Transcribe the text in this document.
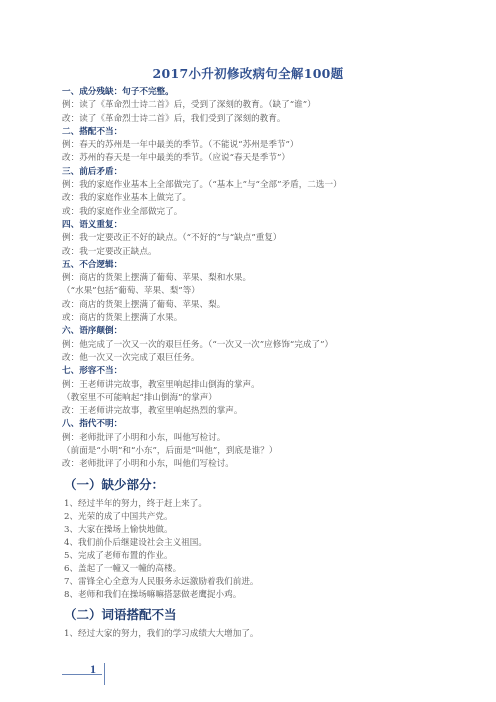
2017小升初修改病句全解100题
一、成分残缺：句子不完整。
例：读了《革命烈士诗二首》后，受到了深刻的教育。（缺了“谁”）
改：读了《革命烈士诗二首》后，我们受到了深刻的教育。
二、搭配不当：
例：春天的苏州是一年中最美的季节。（不能说“苏州是季节”）
改：苏州的春天是一年中最美的季节。（应说“春天是季节”）
三、前后矛盾：
例：我的家庭作业基本上全部做完了。（“基本上”与“全部”矛盾，二选一）
改：我的家庭作业基本上做完了。
或：我的家庭作业全部做完了。
四、语义重复：
例：我一定要改正不好的缺点。（“不好的”与“缺点”重复）
改：我一定要改正缺点。
五、不合逻辑：
例：商店的货架上摆满了葡萄、苹果、梨和水果。
（“水果”包括“葡萄、苹果、梨”等）
改：商店的货架上摆满了葡萄、苹果、梨。
或：商店的货架上摆满了水果。
六、语序颠倒：
例：他完成了一次又一次的艰巨任务。（“一次又一次”应修饰“完成了”）
改：他一次又一次完成了艰巨任务。
七、形容不当：
例：王老师讲完故事，教室里响起排山倒海的掌声。
（教室里不可能响起“排山倒海”的掌声）
改：王老师讲完故事，教室里响起热烈的掌声。
八、指代不明：
例：老师批评了小明和小东，叫他写检讨。
（前面是“小明”和“小东”，后面是“叫他”，到底是谁？）
改：老师批评了小明和小东，叫他们写检讨。
（一）缺少部分：
1、经过半年的努力，终于赶上来了。
2、光荣的成了中国共产党。
3、大家在操场上愉快地做。
4、我们前仆后继建设社会主义祖国。
5、完成了老师布置的作业。
6、盖起了一幢又一幢的高楼。
7、雷锋全心全意为人民服务永远激励着我们前进。
8、老师和我们在操场嘛嘛搭瑟做老鹰捉小鸡。
（二）词语搭配不当
1、经过大家的努力，我们的学习成绩大大增加了。
1
